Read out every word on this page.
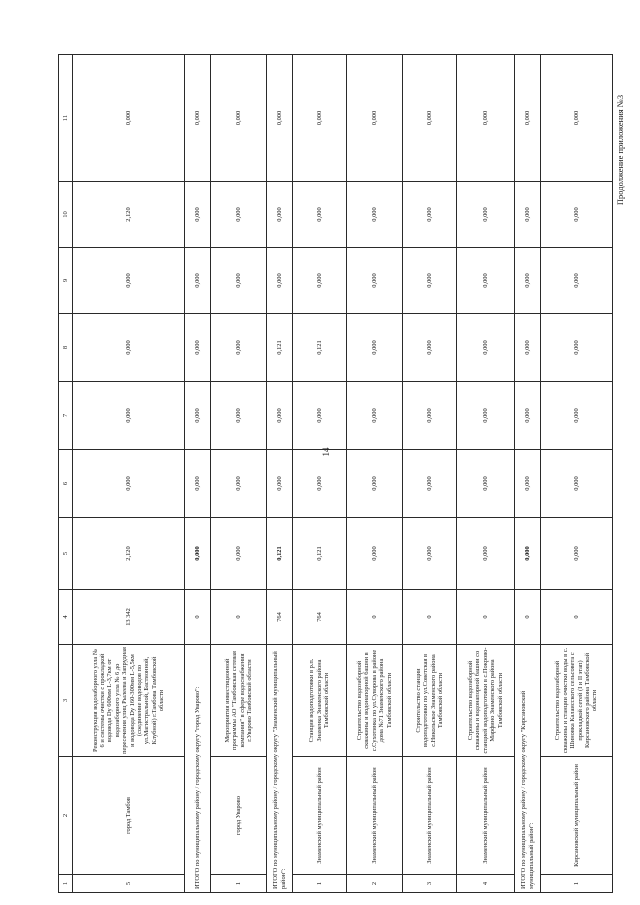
14
Продолжение приложения №3
1	2	3	4	5	6	7	8	9	10	11
5	город Тамбов	Реконструкция водозаборного узла № 6 и системы очистки с прокладкой водовода Dy 600мм L-3,7км от водозаборного узла № 6 до пересечения улиц Рылеева и Запрудная и водовода Dy 160-300мм L-5,5км (соединение водоводов по ул.Магистральной, Бастионной, Клубной) г.Тамбова Тамбовской области	13 342	2,120	0,000	0,000	0,000	0,000	2,120	0,000
ИТОГО по муниципальному району / городскому округу "город Уварово":			0	0,000	0,000	0,000	0,000	0,000	0,000	0,000
1	город Уварово	Мероприятия инвестиционной программы АО "Тамбовская сетевая компания" в сфере водоснабжения г.Уварово Тамбовской области	0	0,000	0,000	0,000	0,000	0,000	0,000	0,000
ИТОГО по муниципальному району / городскому округу "Знаменский муниципальный район":			764	0,121	0,000	0,000	0,121	0,000	0,000	0,000
1	Знаменский муниципальный район	Станция водоподготовки в р.п. Знаменка Знаменского района Тамбовской области	764	0,121	0,000	0,000	0,121	0,000	0,000	0,000
2	Знаменский муниципальный район	Строительство водозаборной скважины и водонапорной башни в с.Сухотинка по ул.Суворова в районе дома №71 Знаменского района Тамбовской области	0	0,000	0,000	0,000	0,000	0,000	0,000	0,000
3	Знаменский муниципальный район	Строительство станции водоподготовки по ул.Советская в с.Никольское Знаменского района Тамбовской области	0	0,000	0,000	0,000	0,000	0,000	0,000	0,000
4	Знаменский муниципальный район	Строительство водозаборной скважины и водонапорной башни со станцией водоподготовки в с.Покрово-Марфино Знаменского района Тамбовской области	0	0,000	0,000	0,000	0,000	0,000	0,000	0,000
ИТОГО по муниципальному району / городскому округу "Кирсановский муниципальный район":			0	0,000	0,000	0,000	0,000	0,000	0,000	0,000
1	Кирсановский муниципальный район	Строительство водозаборной скважины и станции очистки воды в с. Шиновка Калаисского сельсовета с прокладкой сетей (I и II этап) Кирсановского района Тамбовской области	0	0,000	0,000	0,000	0,000	0,000	0,000	0,000
